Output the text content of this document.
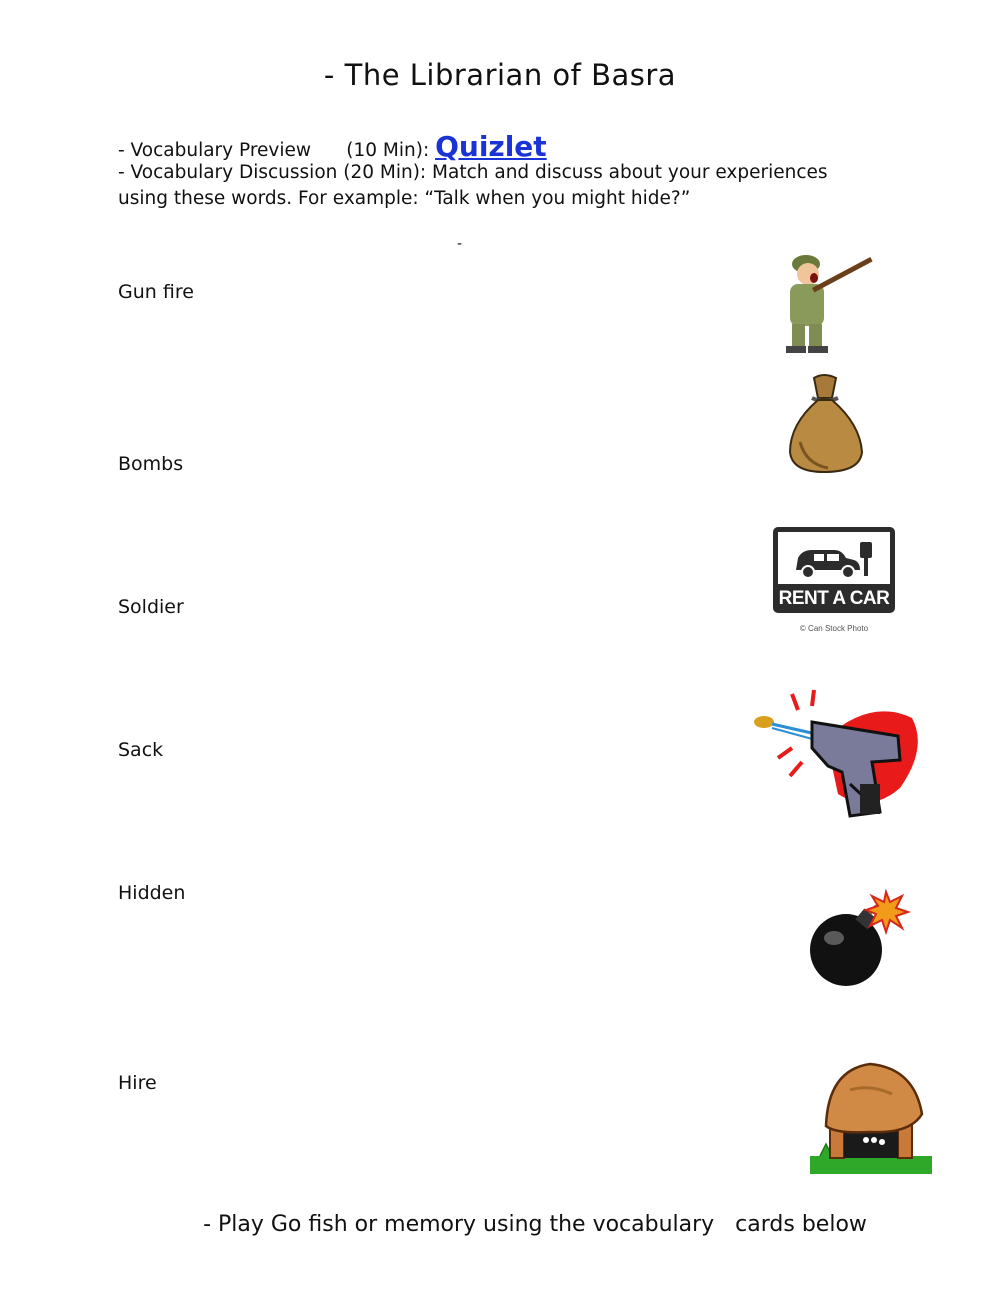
- The Librarian of Basra
- Vocabulary Preview      (10 Min): Quizlet
- Vocabulary Discussion (20 Min): Match and discuss about your experiences
using these words. For example: “Talk when you might hide?”
-
Gun fire
Bombs
Soldier
Sack
Hidden
Hire
RENT A CAR
© Can Stock Photo
- Play Go fish or memory using the vocabulary   cards below
